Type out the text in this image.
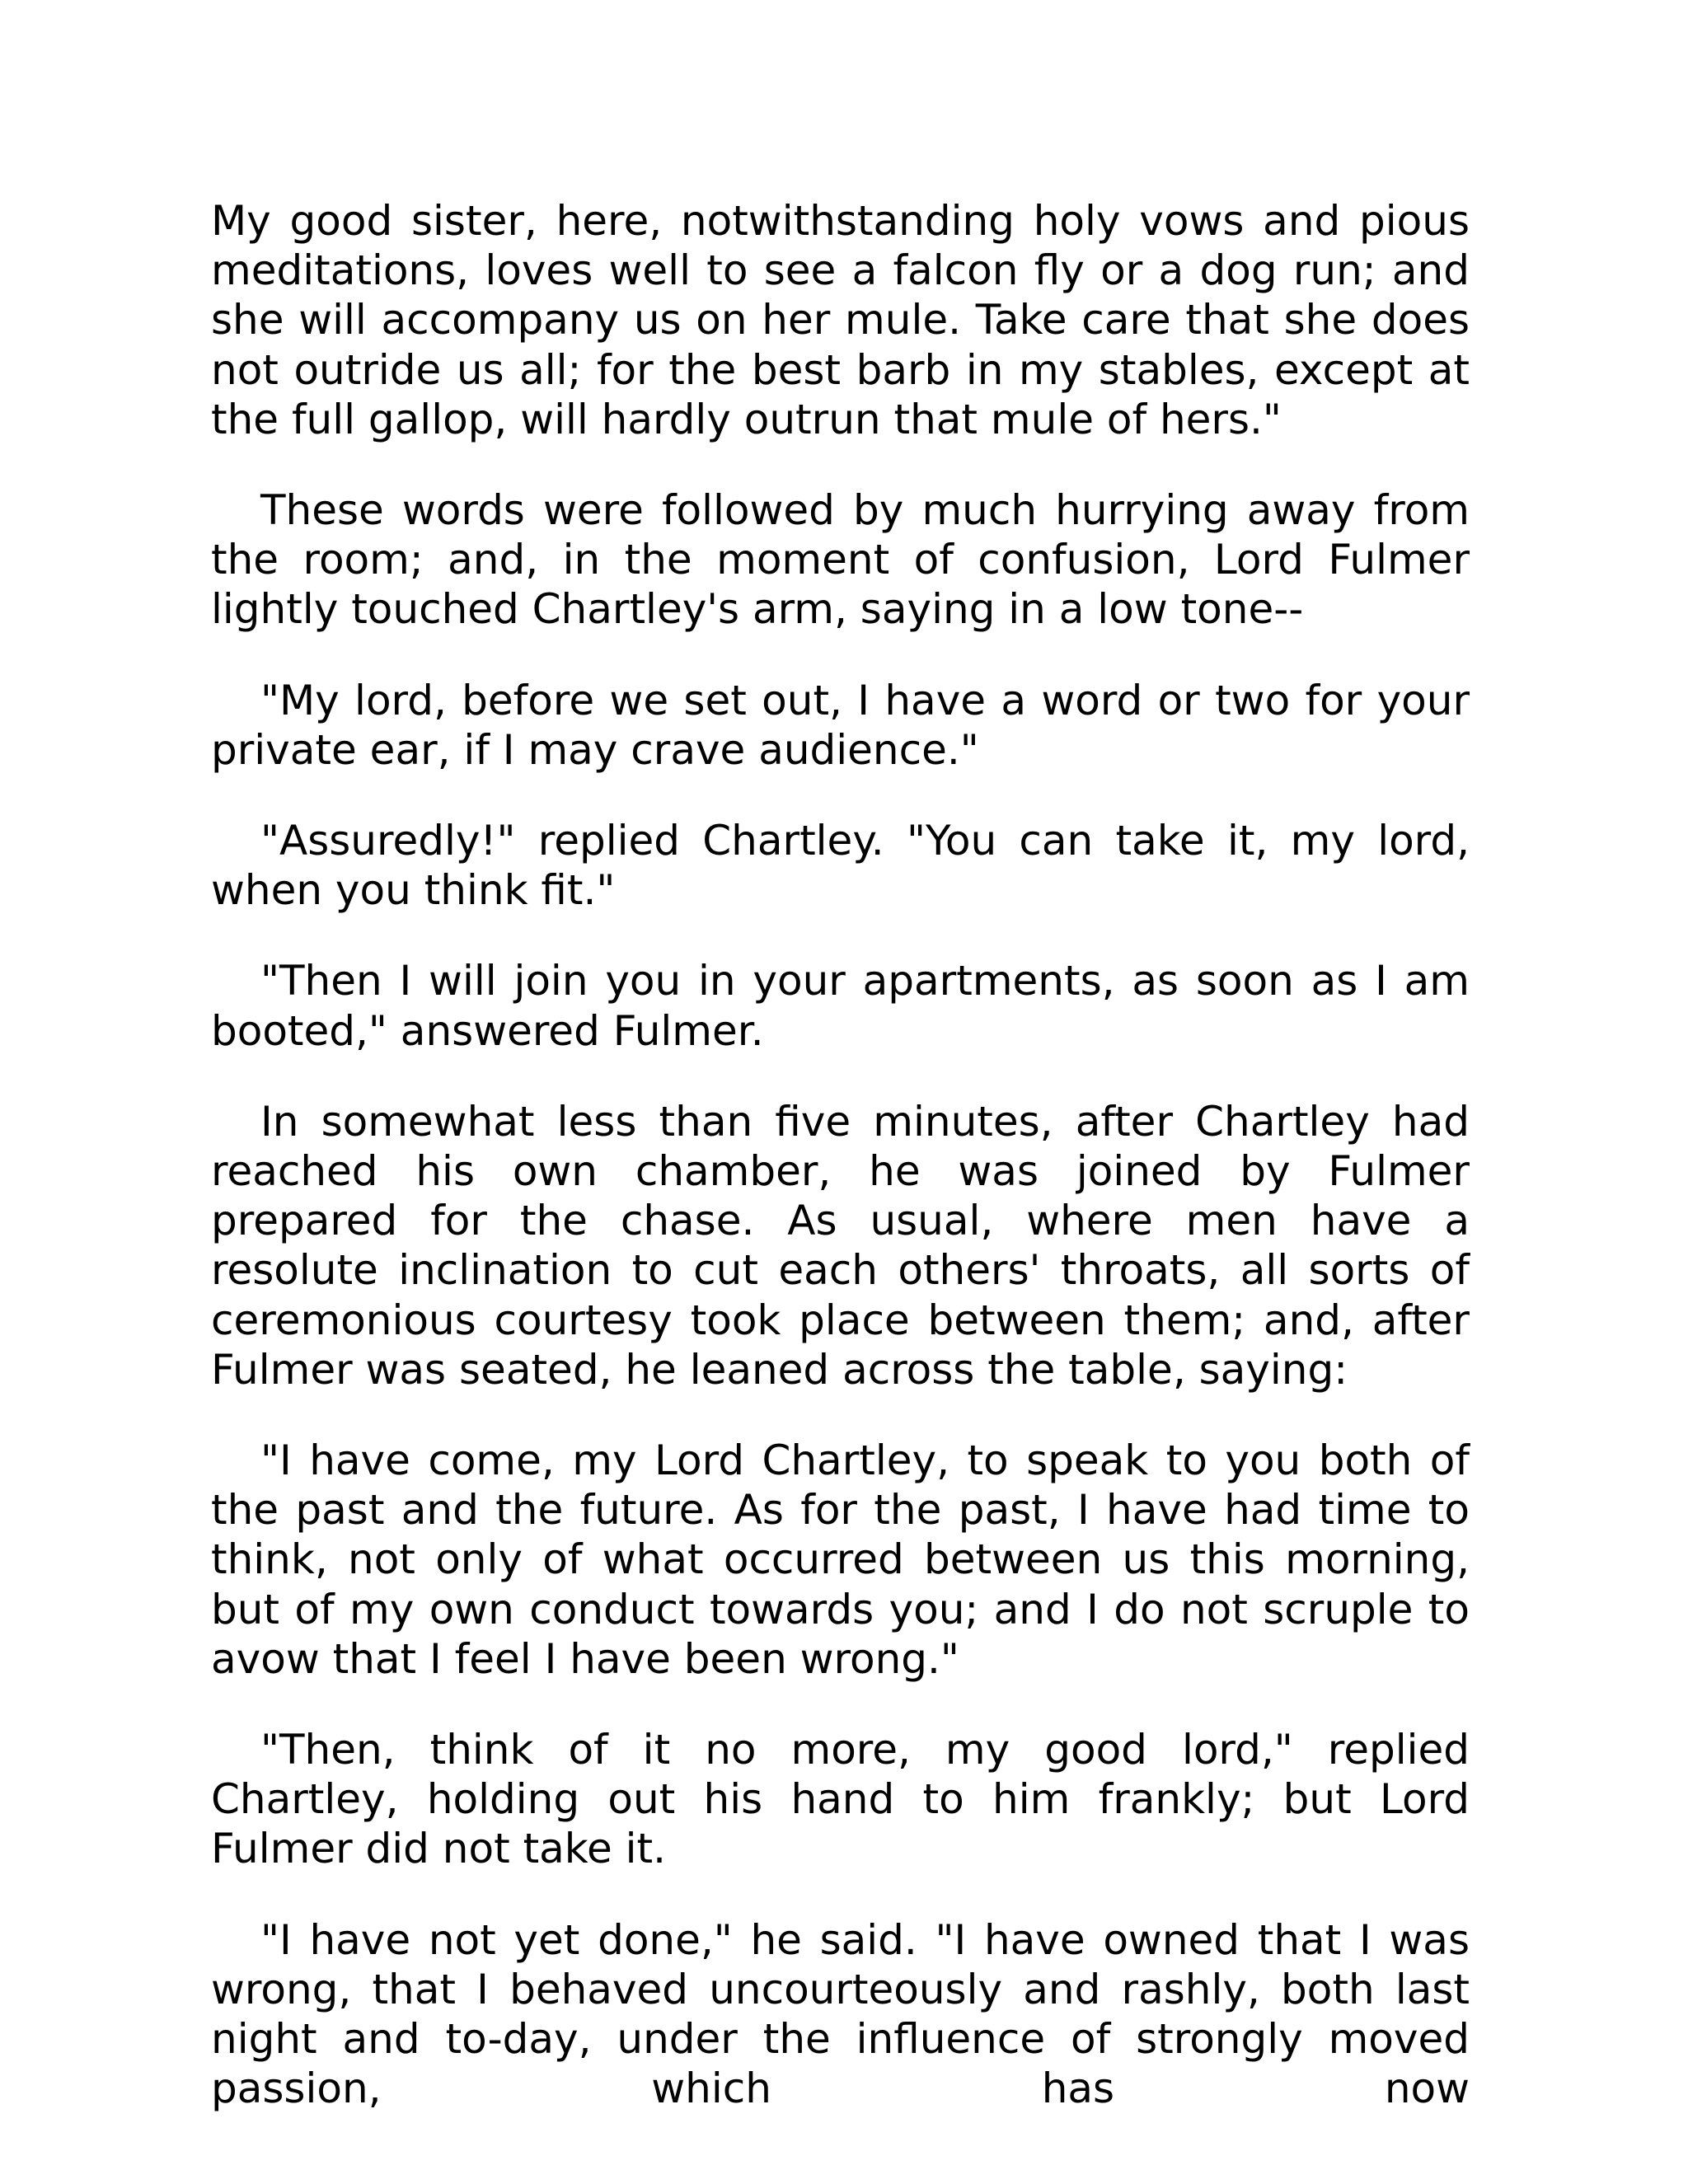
My good sister, here, notwithstanding holy vows and pious meditations, loves well to see a falcon fly or a dog run; and she will accompany us on her mule. Take care that she does not outride us all; for the best barb in my stables, except at the full gallop, will hardly outrun that mule of hers."

These words were followed by much hurrying away from the room; and, in the moment of confusion, Lord Fulmer lightly touched Chartley's arm, saying in a low tone--

"My lord, before we set out, I have a word or two for your private ear, if I may crave audience."

"Assuredly!" replied Chartley. "You can take it, my lord, when you think fit."

"Then I will join you in your apartments, as soon as I am booted," answered Fulmer.

In somewhat less than five minutes, after Chartley had reached his own chamber, he was joined by Fulmer prepared for the chase. As usual, where men have a resolute inclination to cut each others' throats, all sorts of ceremonious courtesy took place between them; and, after Fulmer was seated, he leaned across the table, saying:

"I have come, my Lord Chartley, to speak to you both of the past and the future. As for the past, I have had time to think, not only of what occurred between us this morning, but of my own conduct towards you; and I do not scruple to avow that I feel I have been wrong."

"Then, think of it no more, my good lord," replied Chartley, holding out his hand to him frankly; but Lord Fulmer did not take it.

"I have not yet done," he said. "I have owned that I was wrong, that I behaved uncourteously and rashly, both last night and to-day, under the influence of strongly moved passion, which has now
